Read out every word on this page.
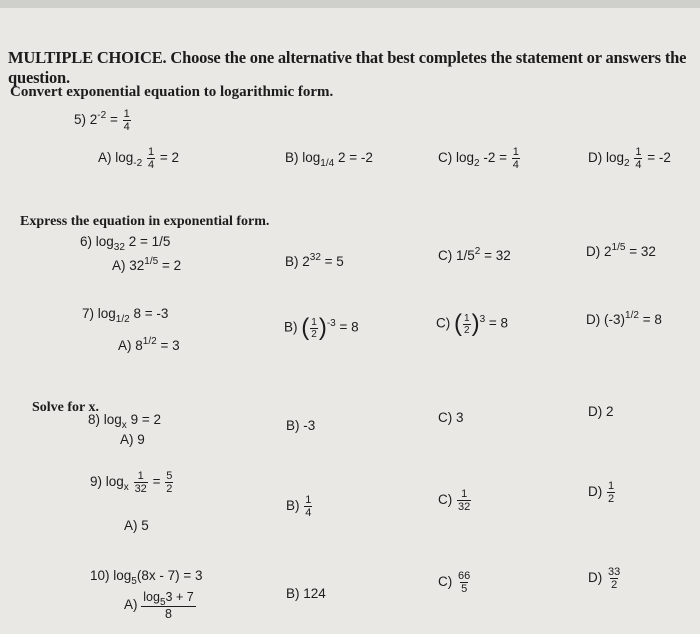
MULTIPLE CHOICE. Choose the one alternative that best completes the statement or answers the question.
Convert exponential equation to logarithmic form.
5) $2^{-2} = \frac{1}{4}$
A) $\log_{-2} \frac{1}{4} = 2$	B) $\log_{1/4} 2 = -2$	C) $\log_2 -2 = \frac{1}{4}$	D) $\log_2 \frac{1}{4} = -2$
Express the equation in exponential form.
6) $\log_{32} 2 = 1/5$
A) $32^{1/5} = 2$	B) $2^{32} = 5$	C) $1/5^2 = 32$	D) $2^{1/5} = 32$
7) $\log_{1/2} 8 = -3$
A) $8^{1/2} = 3$
B) ( $\frac{1}{2} )^{-3} = 8$	C) ( $\frac{1}{2} )^3 = 8$	D) $(-3)^{1/2} = 8$
Solve for x.
8) $\log_x 9 = 2$
A) 9
B) -3
C) 3	D) 2
9) $\log_x \frac{1}{32} = \frac{5}{2}$
A) 5
$B) \frac{1}{4}$	$C) \frac{1}{32}$	$D) \frac{1}{2}$
10) $\log_5(8x - 7) = 3$
$A) \frac{\log_53 + 7}{8}$	B) 124
$C) \frac{66}{5}$	$D) \frac{33}{2}$
